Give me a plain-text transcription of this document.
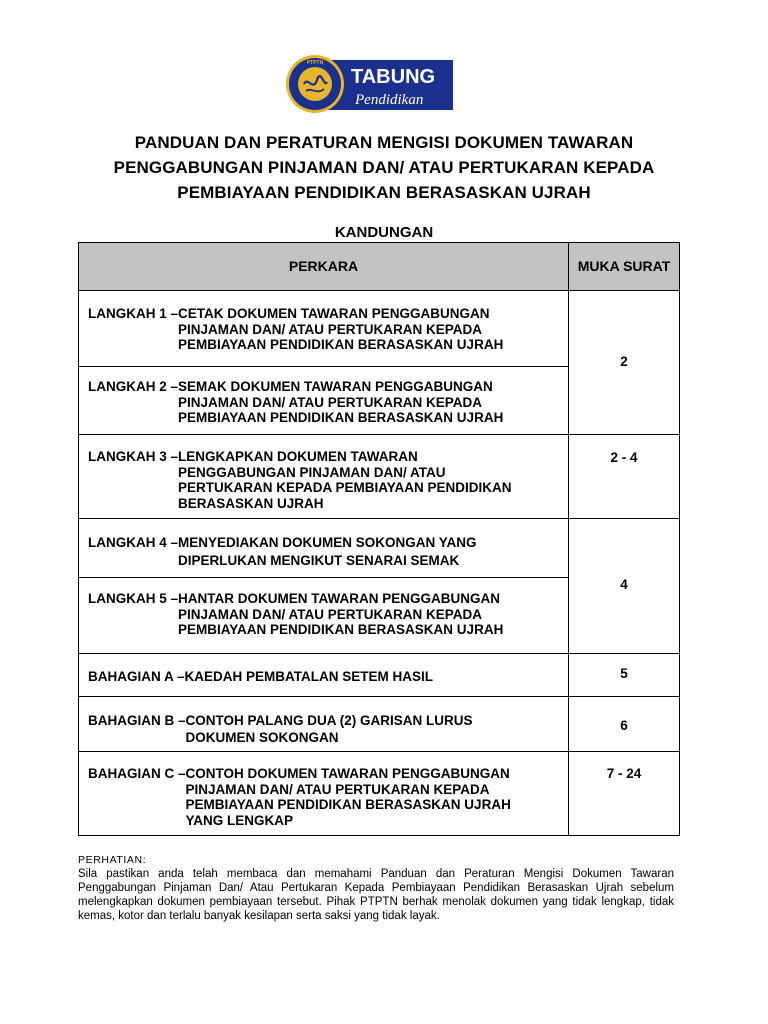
PTPTN
TABUNG
Pendidikan
PANDUAN DAN PERATURAN MENGISI DOKUMEN TAWARAN
PENGGABUNGAN PINJAMAN DAN/ ATAU PERTUKARAN KEPADA
PEMBIAYAAN PENDIDIKAN BERASASKAN UJRAH
KANDUNGAN
PERKARA	MUKA SURAT

LANGKAH 1 – CETAK DOKUMEN TAWARAN PENGGABUNGAN
PINJAMAN DAN/ ATAU PERTUKARAN KEPADA
PEMBIAYAAN PENDIDIKAN BERASASKAN UJRAH	2

LANGKAH 2 – SEMAK DOKUMEN TAWARAN PENGGABUNGAN
PINJAMAN DAN/ ATAU PERTUKARAN KEPADA
PEMBIAYAAN PENDIDIKAN BERASASKAN UJRAH	

LANGKAH 3 – LENGKAPKAN DOKUMEN TAWARAN
PENGGABUNGAN PINJAMAN DAN/ ATAU
PERTUKARAN KEPADA PEMBIAYAAN PENDIDIKAN
BERASASKAN UJRAH	2 - 4

LANGKAH 4 – MENYEDIAKAN DOKUMEN SOKONGAN YANG
DIPERLUKAN MENGIKUT SENARAI SEMAK	4

LANGKAH 5 – HANTAR DOKUMEN TAWARAN PENGGABUNGAN
PINJAMAN DAN/ ATAU PERTUKARAN KEPADA
PEMBIAYAAN PENDIDIKAN BERASASKAN UJRAH	

BAHAGIAN A – KAEDAH PEMBATALAN SETEM HASIL	5

BAHAGIAN B – CONTOH PALANG DUA (2) GARISAN LURUS
DOKUMEN SOKONGAN	6

BAHAGIAN C – CONTOH DOKUMEN TAWARAN PENGGABUNGAN
PINJAMAN DAN/ ATAU PERTUKARAN KEPADA
PEMBIAYAAN PENDIDIKAN BERASASKAN UJRAH
YANG LENGKAP	7 - 24
PERHATIAN:
Sila pastikan anda telah membaca dan memahami Panduan dan Peraturan Mengisi Dokumen Tawaran Penggabungan Pinjaman Dan/ Atau Pertukaran Kepada Pembiayaan Pendidikan Berasaskan Ujrah sebelum melengkapkan dokumen pembiayaan tersebut. Pihak PTPTN berhak menolak dokumen yang tidak lengkap, tidak kemas, kotor dan terlalu banyak kesilapan serta saksi yang tidak layak.
